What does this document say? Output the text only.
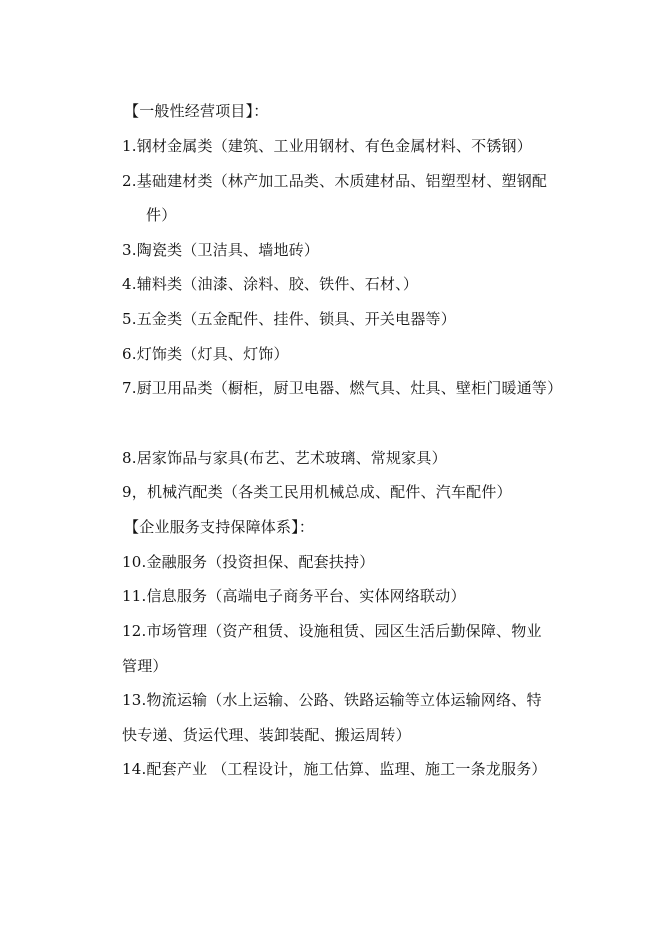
【一般性经营项目】：
1.钢材金属类（建筑、工业用钢材、有色金属材料、不锈钢）
2.基础建材类（林产加工品类、木质建材品、铝塑型材、塑钢配
件）
3.陶瓷类（卫洁具、墙地砖）
4.辅料类（油漆、涂料、胶、铁件、石材、）
5.五金类（五金配件、挂件、锁具、开关电器等）
6.灯饰类（灯具、灯饰）
7.厨卫用品类（橱柜，厨卫电器、燃气具、灶具、壁柜门暖通等）
8.居家饰品与家具(布艺、艺术玻璃、常规家具）
9，机械汽配类（各类工民用机械总成、配件、汽车配件）
【企业服务支持保障体系】：
10.金融服务（投资担保、配套扶持）
11.信息服务（高端电子商务平台、实体网络联动）
12.市场管理（资产租赁、设施租赁、园区生活后勤保障、物业
管理）
13.物流运输（水上运输、公路、铁路运输等立体运输网络、特
快专递、货运代理、装卸装配、搬运周转）
14.配套产业 （工程设计，施工估算、监理、施工一条龙服务）
